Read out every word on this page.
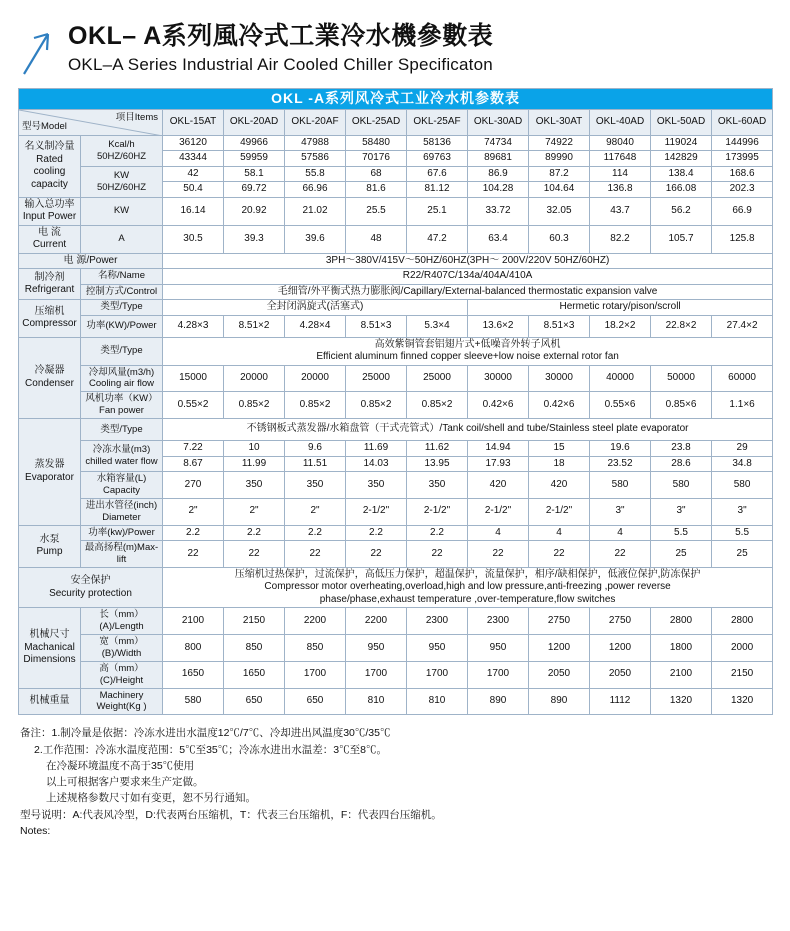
OKL– A系列風冷式工業冷水機參數表
OKL–A Series Industrial Air Cooled Chiller Specificaton
OKL -A系列风冷式工业冷水机参数表											

型号Model
项目Items		OKL-15AT	OKL-20AD	OKL-20AF	OKL-25AD	OKL-25AF	OKL-30AD	OKL-30AT	OKL-40AD	OKL-50AD	OKL-60AD

名义制冷量
Rated
cooling
capacity

Kcal/h
50HZ/60HZ
	36120	49966	47988	58480	58136	74734	74922	98040	119024	144996
		43344	59959	57586	70176	69763	89681	89990	117648	142829	173995

	KW
50HZ/60HZ	42	58.1	55.8	68	67.6	86.9	87.2	114	138.4	168.6
		50.4	69.72	66.96	81.6	81.12	104.28	104.64	136.8	166.08	202.3

输入总功率
Input Power	KW	16.14	20.92	21.02	25.5	25.1	33.72	32.05	43.7	56.2	66.9

电 流
Current	A	30.5	39.3	39.6	48	47.2	63.4	60.3	82.2	105.7	125.8
电 源/Power		3PH～380V/415V～50HZ/60HZ(3PH～ 200V/220V 50HZ/60HZ)									

制冷剂
Refrigerant	名称/Name	R22/R407C/134a/404A/410A									
	控制方式/Control	毛细管/外平衡式热力膨胀阀/Capillary/External-balanced thermostatic expansion valve									

压缩机
Compressor	类型/Type	全封闭涡旋式(活塞式)					Hermetic rotary/pison/scroll				
	功率(KW)/Power	4.28×3	8.51×2	4.28×4	8.51×3	5.3×4	13.6×2	8.51×3	18.2×2	22.8×2	27.4×2

冷凝器
Condenser
	类型/Type	
高效紫铜管套铝翅片式+低噪音外转子风机
Efficient aluminum finned copper sleeve+low noise external rotor fan

	冷却风量(m3/h)
Cooling air flow	15000	20000	20000	25000	25000	30000	30000	40000	50000	60000

	风机功率（KW）
Fan power	0.55×2	0.85×2	0.85×2	0.85×2	0.85×2	0.42×6	0.42×6	0.55×6	0.85×6	1.1×6

蒸发器
Evaporator	类型/Type	不锈钢板式蒸发器/水箱盘管（干式壳管式）/Tank coil/shell and tube/Stainless steel plate evaporator									

	冷冻水量(m3)
chilled water flow	7.22	10	9.6	11.69	11.62	14.94	15	19.6	23.8	29
		8.67	11.99	11.51	14.03	13.95	17.93	18	23.52	28.6	34.8

	水箱容量(L)
Capacity	270	350	350	350	350	420	420	580	580	580

	进出水管径(inch)
Diameter	2"	2"	2"	2-1/2"	2-1/2"	2-1/2"	2-1/2"	3"	3"	3"

水泵
Pump	功率(kw)/Power	2.2	2.2	2.2	2.2	2.2	4	4	4	5.5	5.5
	最高扬程(m)Max-lift	22	22	22	22	22	22	22	22	25	25

安全保护
Security protection

压缩机过热保护，过流保护，高低压力保护，超温保护，流量保护，相序/缺相保护，低液位保护,防冻保护
Compressor motor overheating,overload,high and low pressure,anti-freezing ,power reverse
phase/phase,exhaust temperature ,over-temperature,flow switches

机械尺寸
Machanical
Dimensions	长（mm）(A)/Length	2100	2150	2200	2200	2300	2300	2750	2750	2800	2800
	宽（mm）(B)/Width	800	850	850	950	950	950	1200	1200	1800	2000
	高（mm）(C)/Height	1650	1650	1700	1700	1700	1700	2050	2050	2100	2150
机械重量	Machinery
Weight(Kg )	580	650	650	810	810	890	890	1112	1320	1320
备注：1.制冷量是依据：冷冻水进出水温度12℃/7℃、冷却进出风温度30℃/35℃
2.工作范围：冷冻水温度范围：5℃至35℃；冷冻水进出水温差：3℃至8℃。
在冷凝环境温度不高于35℃使用
以上可根据客户要求来生产定做。
上述规格参数尺寸如有变更，恕不另行通知。
型号说明：A:代表风冷型，D:代表两台压缩机，T：代表三台压缩机，F：代表四台压缩机。
Notes:
